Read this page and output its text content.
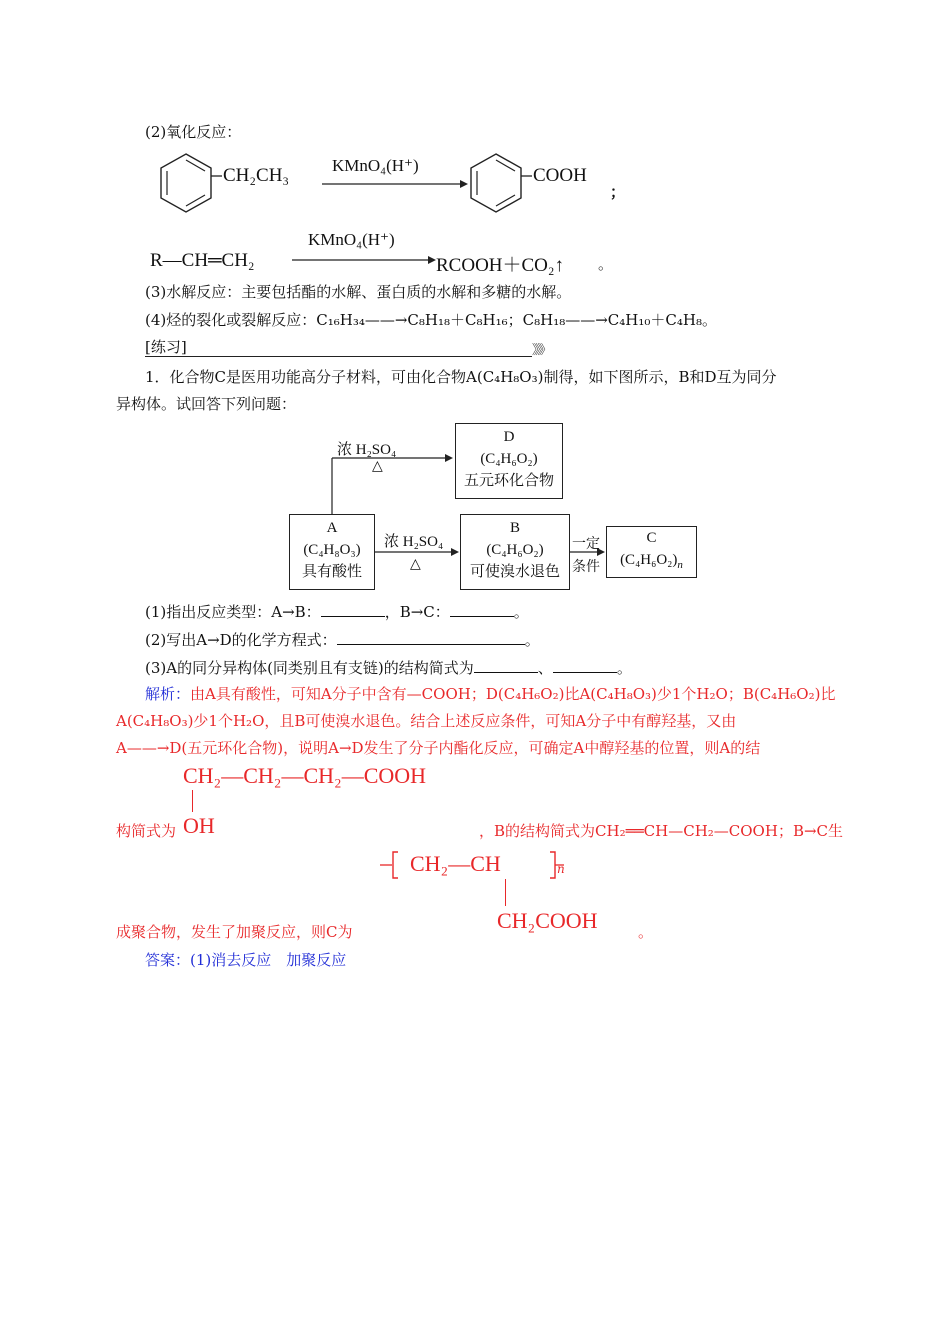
(2)氧化反应：
CH₂CH₃	KMnO₄(H⁺)	COOH
；
R—CH═CH₂
KMnO₄(H⁺)
RCOOH＋CO₂↑ 。
(3)水解反应：主要包括酯的水解、蛋白质的水解和多糖的水解。
(4)烃的裂化或裂解反应：C₁₆H₃₄——→C₈H₁₈＋C₈H₁₆；C₈H₁₈——→C₄H₁₀＋C₄H₈。
[练习]	》》》
1．化合物C是医用功能高分子材料，可由化合物A(C₄H₈O₃)制得，如下图所示，B和D互为同分
异构体。试回答下列问题：
浓 H₂SO₄
△
D
(C₄H₆O₂)
五元环化合物
A
(C₄H₈O₃)
具有酸性
浓 H₂SO₄
△
B
(C₄H₆O₂)
可使溴水退色
一定
条件
C
$(C_4H_6O_2)_n$
(1)指出反应类型：A→B：	，B→C：	。
(2)写出A→D的化学方程式：	。
(3)A的同分异构体(同类别且有支链)的结构简式为	、	。
解析：由A具有酸性，可知A分子中含有—COOH；D(C₄H₆O₂)比A(C₄H₈O₃)少1个H₂O；B(C₄H₆O₂)比
A(C₄H₈O₃)少1个H₂O，且B可使溴水退色。结合上述反应条件，可知A分子中有醇羟基，又由
A——→D(五元环化合物)，说明A→D发生了分子内酯化反应，可确定A中醇羟基的位置，则A的结
CH₂—CH₂—CH₂—COOH
OH
构简式为	，B的结构简式为CH₂══CH—CH₂—COOH；B→C生
CH₂—CH	n
CH₂COOH	。
成聚合物，发生了加聚反应，则C为
答案：(1)消去反应　加聚反应
